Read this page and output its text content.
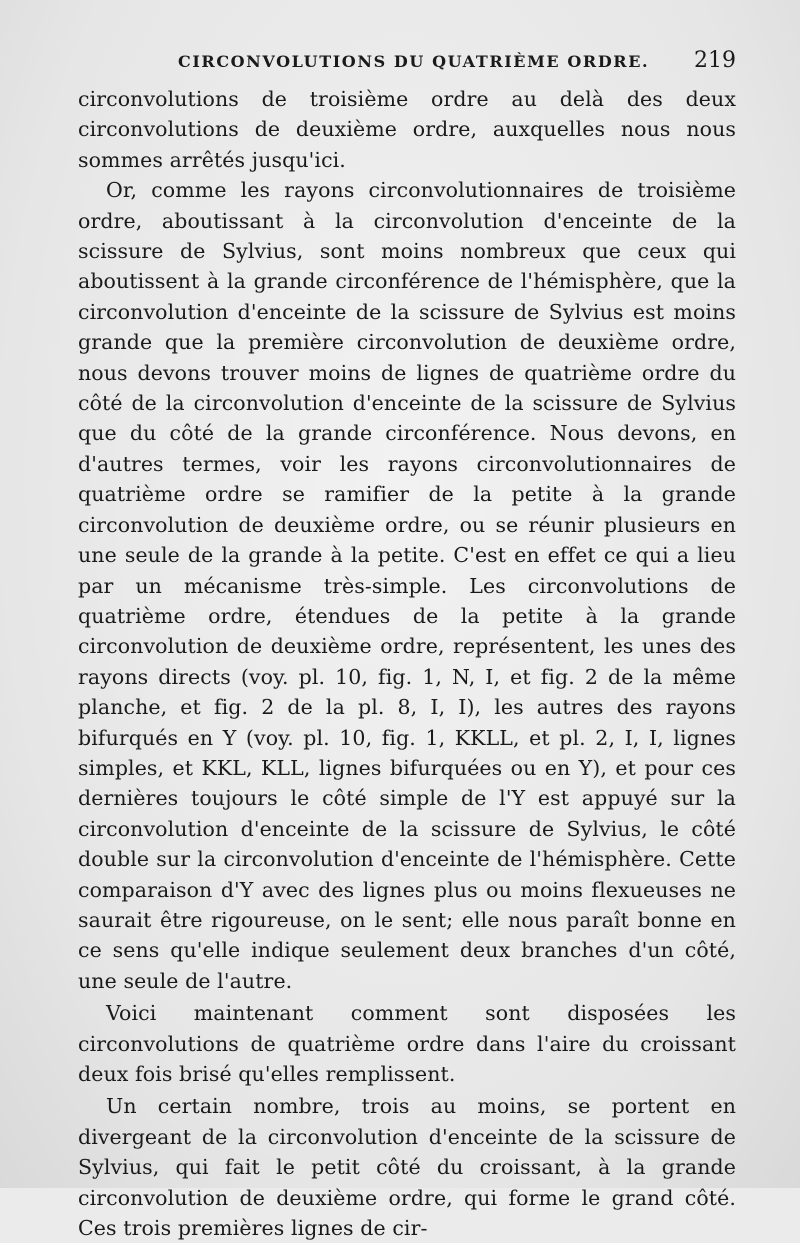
CIRCONVOLUTIONS DU QUATRIÈME ORDRE. 219

circonvolutions de troisième ordre au delà des deux circonvolutions de deuxième ordre, auxquelles nous nous sommes arrêtés jusqu'ici.

Or, comme les rayons circonvolutionnaires de troisième ordre, aboutissant à la circonvolution d'enceinte de la scissure de Sylvius, sont moins nombreux que ceux qui aboutissent à la grande circonférence de l'hémisphère, que la circonvolution d'enceinte de la scissure de Sylvius est moins grande que la première circonvolution de deuxième ordre, nous devons trouver moins de lignes de quatrième ordre du côté de la circonvolution d'enceinte de la scissure de Sylvius que du côté de la grande circonférence. Nous devons, en d'autres termes, voir les rayons circonvolutionnaires de quatrième ordre se ramifier de la petite à la grande circonvolution de deuxième ordre, ou se réunir plusieurs en une seule de la grande à la petite. C'est en effet ce qui a lieu par un mécanisme très-simple. Les circonvolutions de quatrième ordre, étendues de la petite à la grande circonvolution de deuxième ordre, représentent, les unes des rayons directs (voy. pl. 10, fig. 1, N, I, et fig. 2 de la même planche, et fig. 2 de la pl. 8, I, I), les autres des rayons bifurqués en Y (voy. pl. 10, fig. 1, KKLL, et pl. 2, I, I, lignes simples, et KKL, KLL, lignes bifurquées ou en Y), et pour ces dernières toujours le côté simple de l'Y est appuyé sur la circonvolution d'enceinte de la scissure de Sylvius, le côté double sur la circonvolution d'enceinte de l'hémisphère. Cette comparaison d'Y avec des lignes plus ou moins flexueuses ne saurait être rigoureuse, on le sent; elle nous paraît bonne en ce sens qu'elle indique seulement deux branches d'un côté, une seule de l'autre.

Voici maintenant comment sont disposées les circonvolutions de quatrième ordre dans l'aire du croissant deux fois brisé qu'elles remplissent.

Un certain nombre, trois au moins, se portent en divergeant de la circonvolution d'enceinte de la scissure de Sylvius, qui fait le petit côté du croissant, à la grande circonvolution de deuxième ordre, qui forme le grand côté. Ces trois premières lignes de cir-
